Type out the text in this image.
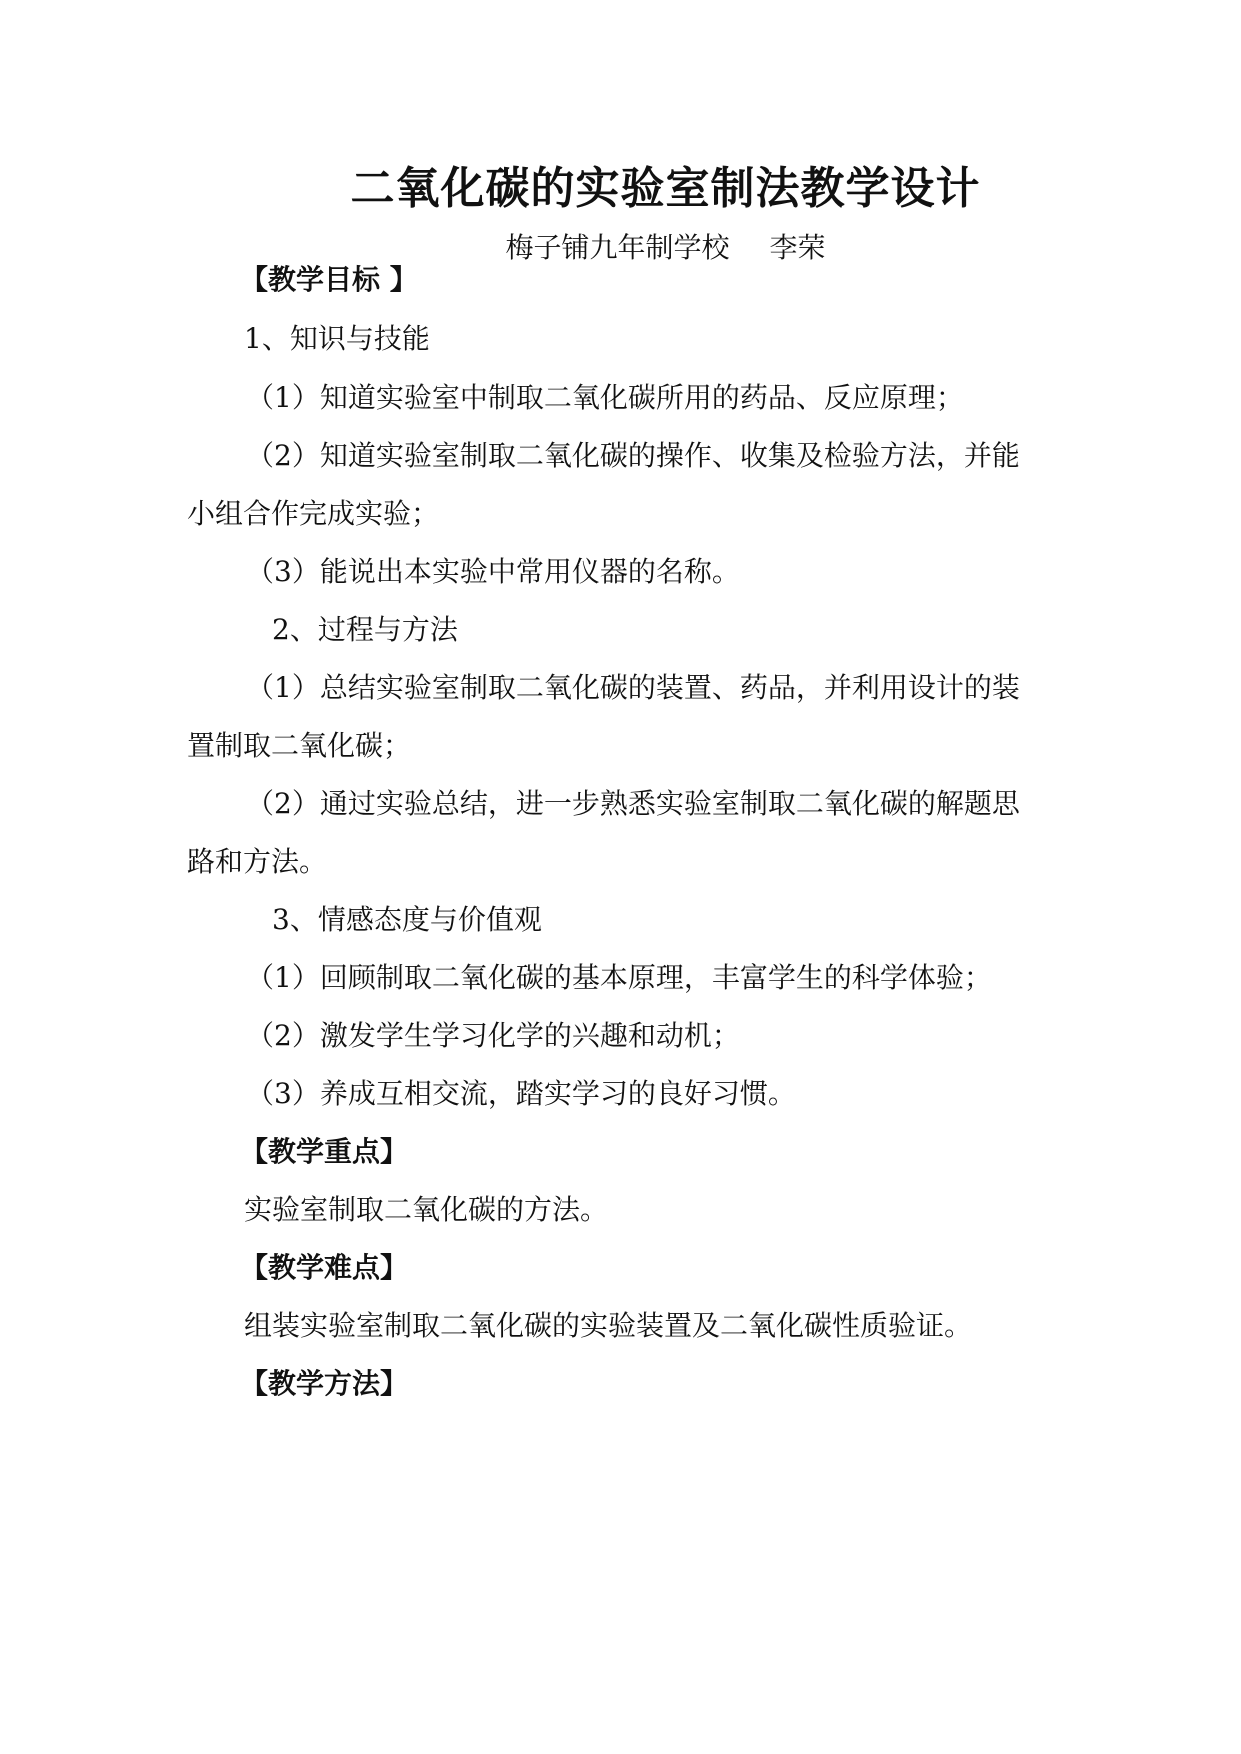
二氧化碳的实验室制法教学设计
梅子铺九年制学校 李荣
【教学目标 】
1、知识与技能
（1）知道实验室中制取二氧化碳所用的药品、反应原理；
（2）知道实验室制取二氧化碳的操作、收集及检验方法，并能
小组合作完成实验；
（3）能说出本实验中常用仪器的名称。
2、过程与方法
（1）总结实验室制取二氧化碳的装置、药品，并利用设计的装
置制取二氧化碳；
（2）通过实验总结，进一步熟悉实验室制取二氧化碳的解题思
路和方法。
3、情感态度与价值观
（1）回顾制取二氧化碳的基本原理，丰富学生的科学体验；
（2）激发学生学习化学的兴趣和动机；
（3）养成互相交流，踏实学习的良好习惯。
【教学重点】
实验室制取二氧化碳的方法。
【教学难点】
组装实验室制取二氧化碳的实验装置及二氧化碳性质验证。
【教学方法】
